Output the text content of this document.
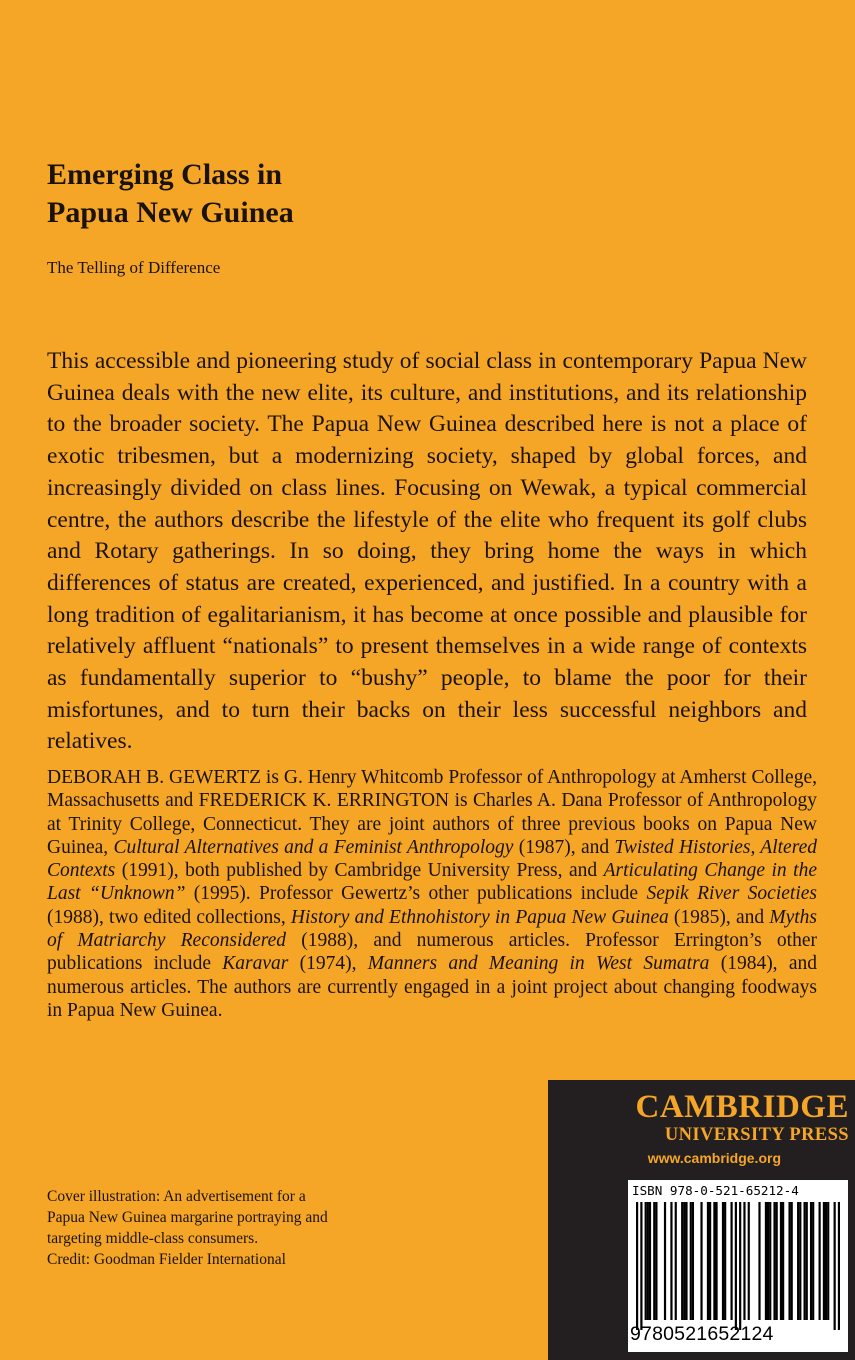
Emerging Class in
Papua New Guinea

The Telling of Difference

This accessible and pioneering study of social class in contemporary Papua New Guinea deals with the new elite, its culture, and institutions, and its relationship to the broader society. The Papua New Guinea described here is not a place of exotic tribesmen, but a modernizing society, shaped by global forces, and increasingly divided on class lines. Focusing on Wewak, a typical commercial centre, the authors describe the lifestyle of the elite who frequent its golf clubs and Rotary gatherings. In so doing, they bring home the ways in which differences of status are created, experienced, and justified. In a country with a long tradition of egalitarianism, it has become at once possible and plausible for relatively affluent “nationals” to present themselves in a wide range of contexts as fundamentally superior to “bushy” people, to blame the poor for their misfortunes, and to turn their backs on their less successful neighbors and relatives.

DEBORAH B. GEWERTZ is G. Henry Whitcomb Professor of Anthropology at Amherst College, Massachusetts and FREDERICK K. ERRINGTON is Charles A. Dana Professor of Anthropology at Trinity College, Connecticut. They are joint authors of three previous books on Papua New Guinea, Cultural Alternatives and a Feminist Anthropology (1987), and Twisted Histories, Altered Contexts (1991), both published by Cambridge University Press, and Articulating Change in the Last “Unknown” (1995). Professor Gewertz’s other publications include Sepik River Societies (1988), two edited collections, History and Ethnohistory in Papua New Guinea (1985), and Myths of Matriarchy Reconsidered (1988), and numerous articles. Professor Errington’s other publications include Karavar (1974), Manners and Meaning in West Sumatra (1984), and numerous articles. The authors are currently engaged in a joint project about changing foodways in Papua New Guinea.

Cover illustration: An advertisement for a
Papua New Guinea margarine portraying and
targeting middle-class consumers.
Credit: Goodman Fielder International

CAMBRIDGE
UNIVERSITY PRESS

www.cambridge.org

ISBN 978-0-521-65212-4

9780521652124
